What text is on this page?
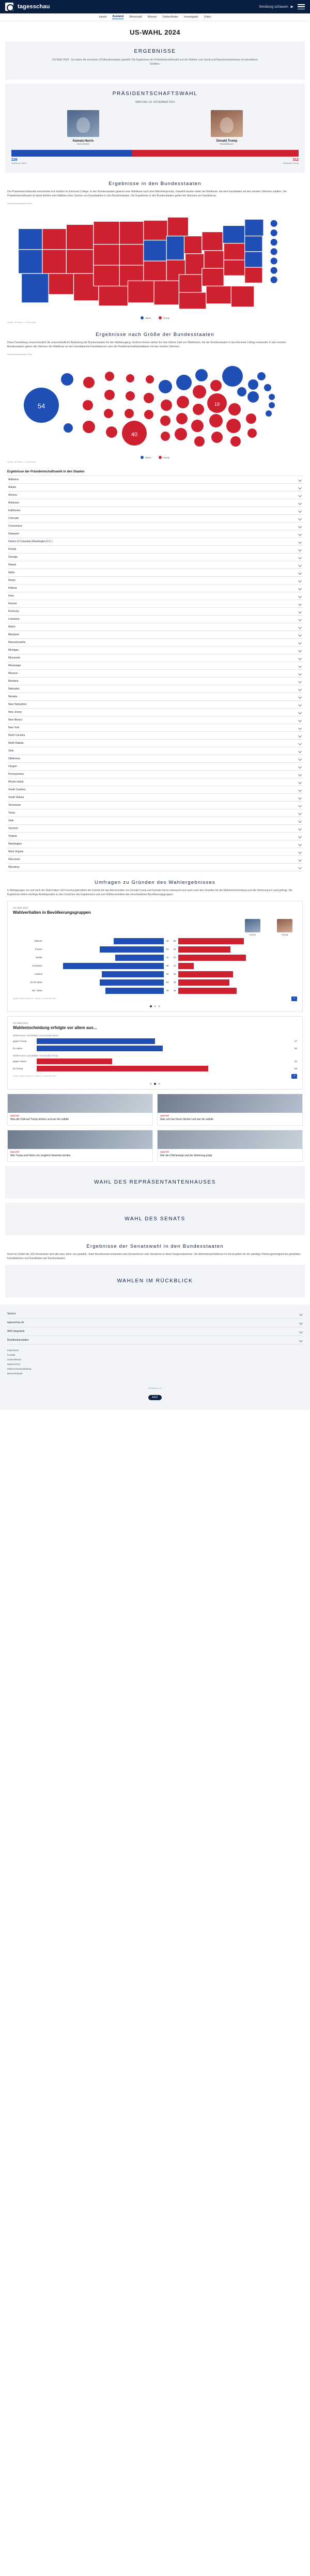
tagesschau	Sendung schauen ▶
Inland Ausland Wirtschaft Wissen Faktenfinder Investigativ Video
US-WAHL 2024
ERGEBNISSE
US-Wahl 2024 - So haben die einzelnen US-Bundesstaaten gewählt: Die Ergebnisse der Präsidentschaftswahl und der Wahlen zum Senat und Repräsentantenhaus im interaktiven Grafiken.
PRÄSIDENTSCHAFTSWAHL
WAHLTAG: 05. NOVEMBER 2024
Kamala Harris
Demokraten
Donald Trump
Republikaner
226	312
Wahlleute Harris	Wahlleute Trump
Ergebnisse in den Bundesstaaten
Die Präsidentschaftswahl entscheidet sich letztlich im Electoral College. In den Bundesstaaten gewinnt eine Wahlleute nach dem Mehrheitsprinzip. Gewählt werden dabei die Wahlleute, die dem Kandidaten mit den meisten Stimmen zufallen. Die Präsidentschaftswahl ist damit letztlich eine Addition einer Summe von Einzelwahlen in den Bundesstaaten. Die Ergebnisse in den Bundesstaaten geben die Stimmen pro Kandidat an.
Präsidentschaftswahl 2024
Harris	Trump
Quelle: AP/Stand: 4. Dezember
Ergebnisse nach Größe der Bundesstaaten
Diese Darstellung veranschaulicht die unterschiedliche Bedeutung der Bundesstaaten für den Wahlausgang. Größere Kreise stehen für eine höhere Zahl von Wahlleuten, die der Bundesstaaten in das Electoral College entsendet. In den meisten Bundesstaaten gehen alle Stimmen der Wahlleute an den Kandidaten/in Kandidatinnen oder die Präsidentschaftskandidaten mit den meisten Stimmen.
Präsidentschaftswahl 2024
54
40
19
Harris	Trump
Quelle: AP/Stand: 4. Dezember
Ergebnisse der Präsidentschaftswahl in den Staaten
Alabama
Alaska
Arizona
Arkansas
Kalifornien
Colorado
Connecticut
Delaware
District of Columbia (Washington D.C.)
Florida
Georgia
Hawaii
Idaho
Illinois
Indiana
Iowa
Kansas
Kentucky
Louisiana
Maine
Maryland
Massachusetts
Michigan
Minnesota
Mississippi
Missouri
Montana
Nebraska
Nevada
New Hampshire
New Jersey
New Mexico
New York
North Carolina
North Dakota
Ohio
Oklahoma
Oregon
Pennsylvania
Rhode Island
South Carolina
South Dakota
Tennessee
Texas
Utah
Vermont
Virginia
Washington
West Virginia
Wisconsin
Wyoming
Umfragen zu Gründen des Wahlergebnisses
In Befragungen vor und nach der Wahl haben US-Forschungsinstitute die Gründe für das Abschneiden von Donald Trump und Kamala Harris untersucht und auch nach den Gründen für die Wählerentscheidung und die Stimmung im Land gefragt. Die Ergebnisse liefern wichtige Anhaltspunkte zu den Ursachen des Ergebnisses und zum Wählerverhalten der verschiedenen Bevölkerungsgruppen.
US-Wahl 2024
Wahlverhalten in Bevölkerungsgruppen
Harris	Trump
Männer	42	55
Frauen	54	44
Weiße	41	57
Schwarze	85	13
Latinos	52	46
18-29 Jahre	54	43
65+ Jahre	49	49
Quelle: Edison Research / Stand: 6. November 2024	↗
US-Wahl 2024
Wahlentscheidung erfolgte vor allem aus...
Wählerinnen und Wähler von Kamala Harris
gegen Trump	47
für Harris	50
Wählerinnen und Wähler von Donald Trump
gegen Harris	30
für Trump	68
Quelle: Edison Research / Stand: 6. November 2024	↗
ANALYSE
Was die USA auf Trump blicken und wer ihn wählte
ANALYSE
Was sich bei Harris blicken und wer ihn wählte
ANALYSE
Wie Trump und Harris um vergleich bewertet werden
ANALYSE
Wie die USA bewegt und die Stimmung prägt
WAHL DES REPRÄSENTANTENHAUSES
WAHL DES SENATS
Ergebnisse der Senatswahl in den Bundesstaaten
Rund ein Drittel der 100 Senatssitze wird alle zwei Jahre neu gewählt. Jeder Bundesstaat entsendet zwei Senatorinnen oder Senatoren in diese Kongresskammer. Die Mehrheitsverhältnisse im Senat gelten für die jeweilige Parteizugehörigkeit der gewählten Kandidatinnen und Kandidaten der Bundesstaaten.
WAHLEN IM RÜCKBLICK
Service
tagesschau.de
ARD-Angebote
Rundfunkanstalten
Impressum
Kontakt
Unternehmen
Datenschutz
Datenschutzeinstellung
Barrierefreiheit
Ein Angebot von
ARD
